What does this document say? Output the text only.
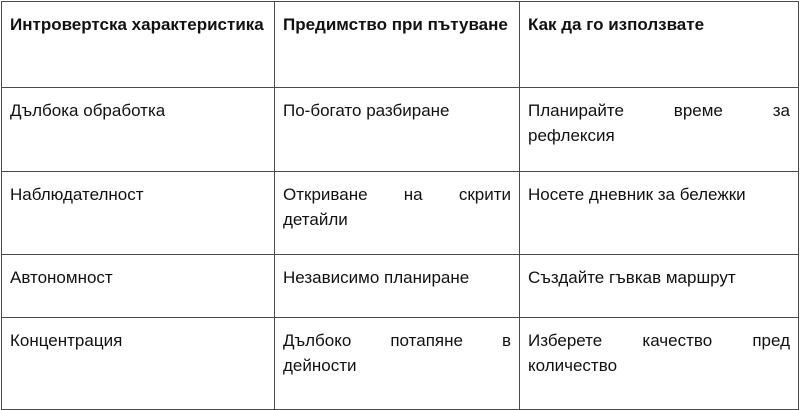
Интровертска характеристика	Предимство при пътуване	Как да го използвате
Дълбока обработка	По-богато разбиране	Планирайте време за рефлексия
Наблюдателност	Откриване на скрити детайли	Носете дневник за бележки
Автономност	Независимо планиране	Създайте гъвкав маршрут
Концентрация	Дълбоко потапяне в дейности	Изберете качество пред количество
